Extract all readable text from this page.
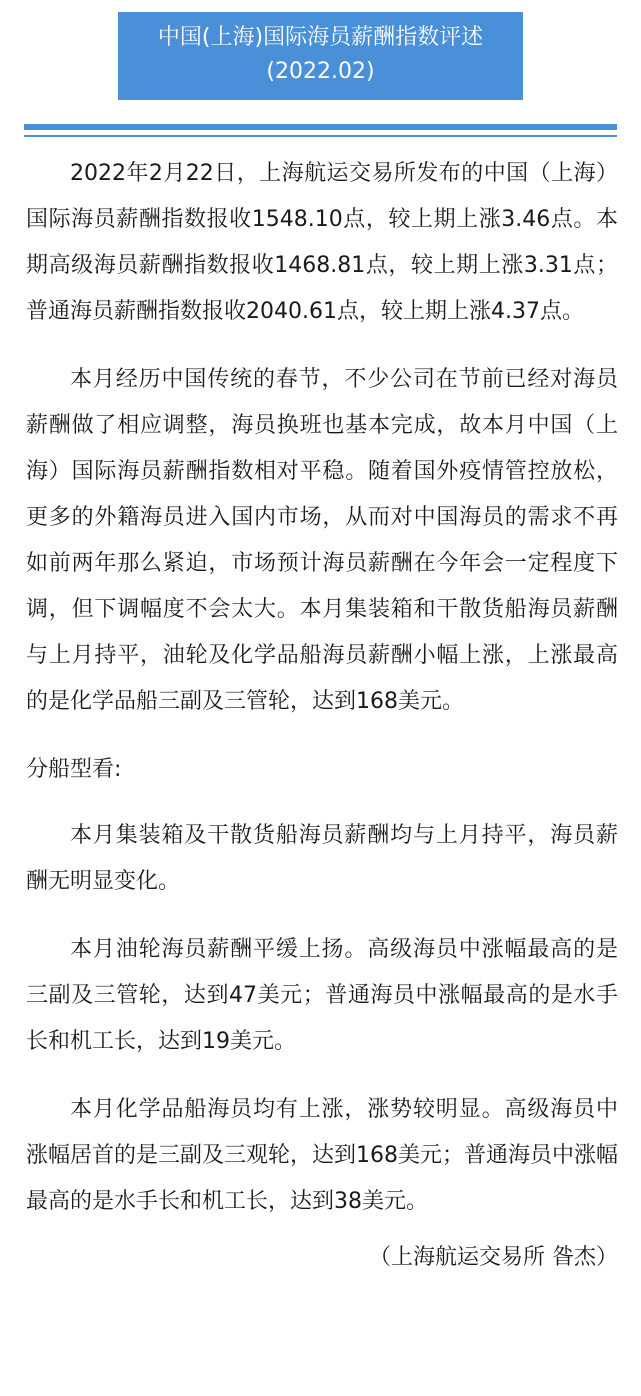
中国(上海)国际海员薪酬指数评述
(2022.02)

2022年2月22日，上海航运交易所发布的中国（上海）国际海员薪酬指数报收1548.10点，较上期上涨3.46点。本期高级海员薪酬指数报收1468.81点，较上期上涨3.31点；普通海员薪酬指数报收2040.61点，较上期上涨4.37点。

本月经历中国传统的春节，不少公司在节前已经对海员薪酬做了相应调整，海员换班也基本完成，故本月中国（上海）国际海员薪酬指数相对平稳。随着国外疫情管控放松，更多的外籍海员进入国内市场，从而对中国海员的需求不再如前两年那么紧迫，市场预计海员薪酬在今年会一定程度下调，但下调幅度不会太大。本月集装箱和干散货船海员薪酬与上月持平，油轮及化学品船海员薪酬小幅上涨，上涨最高的是化学品船三副及三管轮，达到168美元。

分船型看:

本月集装箱及干散货船海员薪酬均与上月持平，海员薪酬无明显变化。

本月油轮海员薪酬平缓上扬。高级海员中涨幅最高的是三副及三管轮，达到47美元；普通海员中涨幅最高的是水手长和机工长，达到19美元。

本月化学品船海员均有上涨，涨势较明显。高级海员中涨幅居首的是三副及三观轮，达到168美元；普通海员中涨幅最高的是水手长和机工长，达到38美元。

（上海航运交易所 昝杰）
